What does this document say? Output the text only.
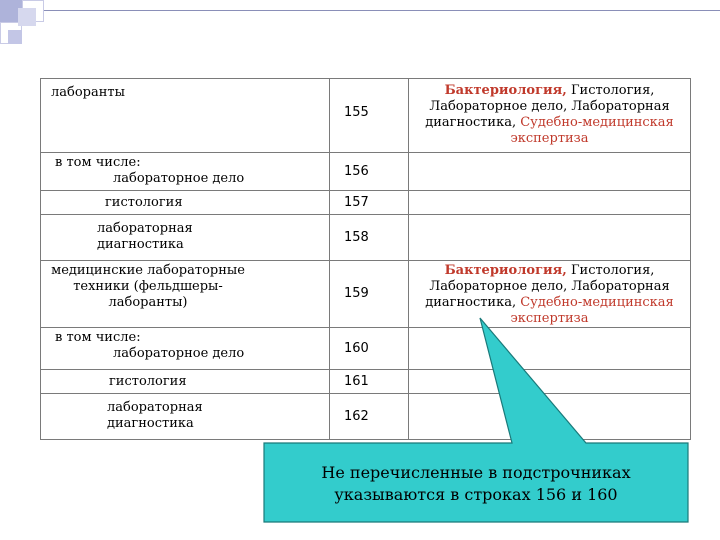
лаборанты	155	Бактериология, Гистология, Лабораторное дело, Лабораторная диагностика, Судебно-медицинская экспертиза

в том числе:
лабораторное дело	156	

гистология	157	

лабораторная диагностика	158	

медицинские лабораторные техники (фельдшеры-лаборанты)	159	Бактериология, Гистология, Лабораторное дело, Лабораторная диагностика, Судебно-медицинская экспертиза

в том числе:
лабораторное дело	160	

гистология	161	

лабораторная диагностика	162	
Не перечисленные в подстрочниках указываются в строках 156 и 160
